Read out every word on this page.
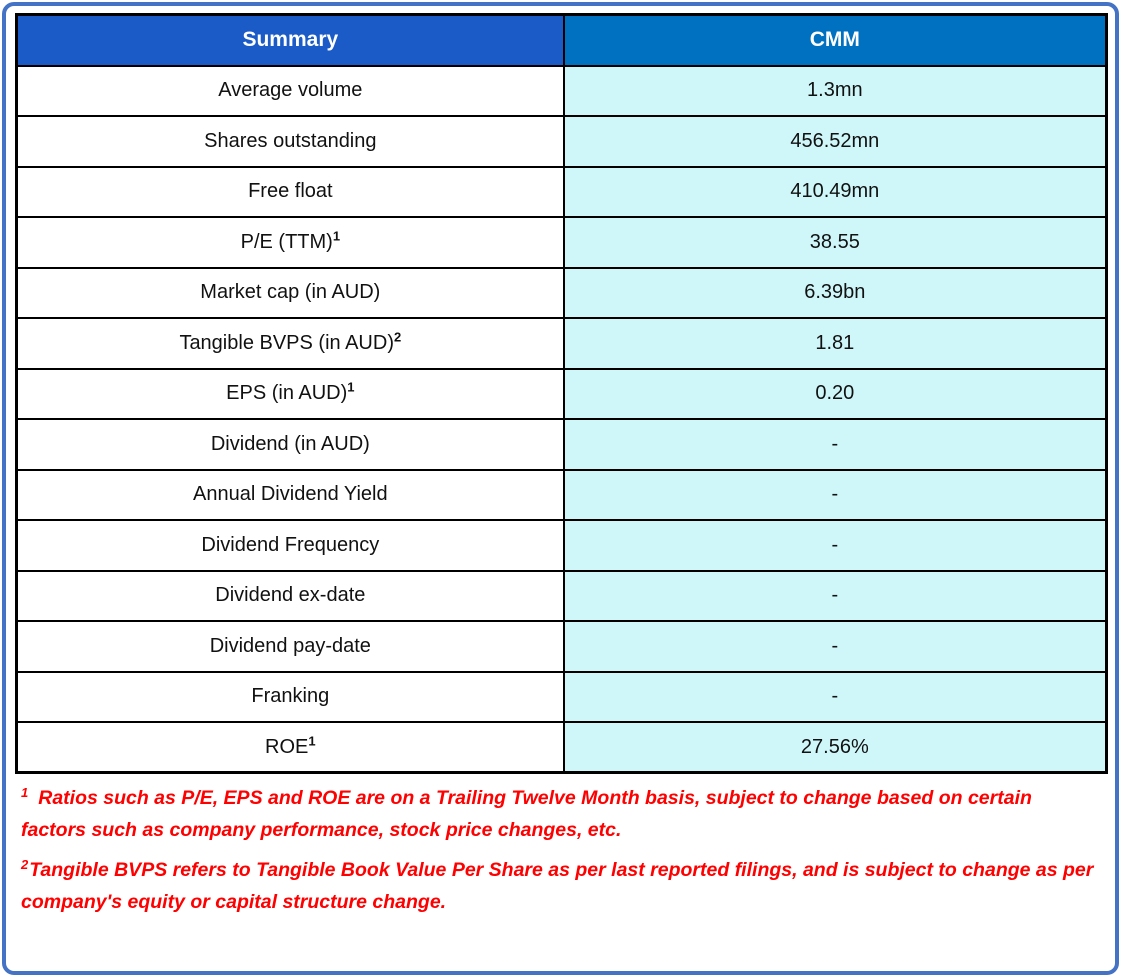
Summary	CMM
Average volume	1.3mn
Shares outstanding	456.52mn
Free float	410.49mn
P/E (TTM)$^1$	38.55
Market cap (in AUD)	6.39bn
Tangible BVPS (in AUD)$^2$	1.81
EPS (in AUD)$^1$	0.20
Dividend (in AUD)	-
Annual Dividend Yield	-
Dividend Frequency	-
Dividend ex-date	-
Dividend pay-date	-
Franking	-
ROE$^1$	27.56%

$^1$ Ratios such as P/E, EPS and ROE are on a Trailing Twelve Month basis, subject to change based on certain factors such as company performance, stock price changes, etc.

$^2$Tangible BVPS refers to Tangible Book Value Per Share as per last reported filings, and is subject to change as per company's equity or capital structure change.
